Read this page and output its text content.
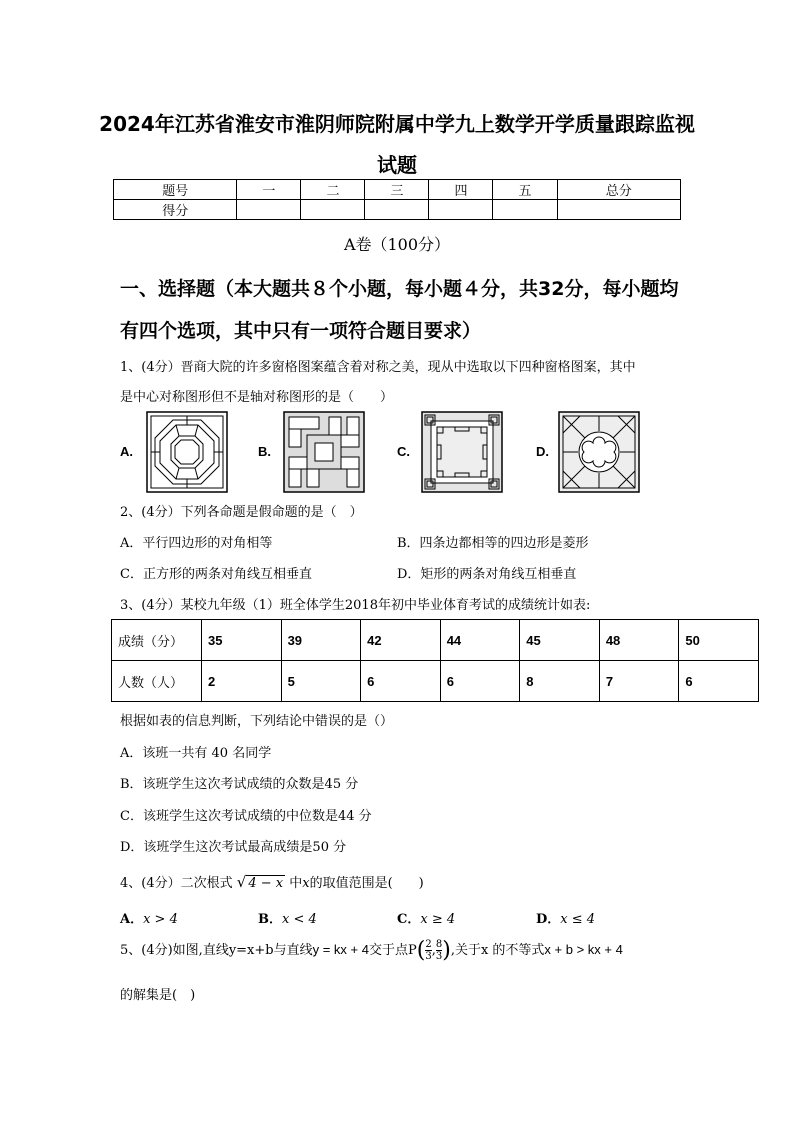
2024年江苏省淮安市淮阴师院附属中学九上数学开学质量跟踪监视
试题
题号	一	二	三	四	五	总分
得分						
A卷（100分）
一、选择题（本大题共８个小题，每小题４分，共32分，每小题均
有四个选项，其中只有一项符合题目要求）
1、(4分）晋商大院的许多窗格图案蕴含着对称之美，现从中选取以下四种窗格图案，其中
是中心对称图形但不是轴对称图形的是（　　）
A.	B.	C.	D.
2、(4分）下列各命题是假命题的是（　）
A．平行四边形的对角相等	B．四条边都相等的四边形是菱形
C．正方形的两条对角线互相垂直	D．矩形的两条对角线互相垂直
3、(4分）某校九年级（1）班全体学生2018年初中毕业体育考试的成绩统计如表:
成绩（分）	35	39	42	44	45	48	50
人数（人）	2	5	6	6	8	7	6
根据如表的信息判断，下列结论中错误的是（）
A．该班一共有 40 名同学
B．该班学生这次考试成绩的众数是45 分
C．该班学生这次考试成绩的中位数是44 分
D．该班学生这次考试最高成绩是50 分
4、(4分）二次根式 √ 4 − x 中x的取值范围是(　　)
A．x > 4	B．x < 4	C．x ≥ 4	D．x ≤ 4
5、(4分)如图,直线y=x+b与直线y = kx + 4交于点$P( \frac{2}{3}$ , $\frac{8}{3}$ ),关于x 的不等式x + b > kx + 4
的解集是(　)
